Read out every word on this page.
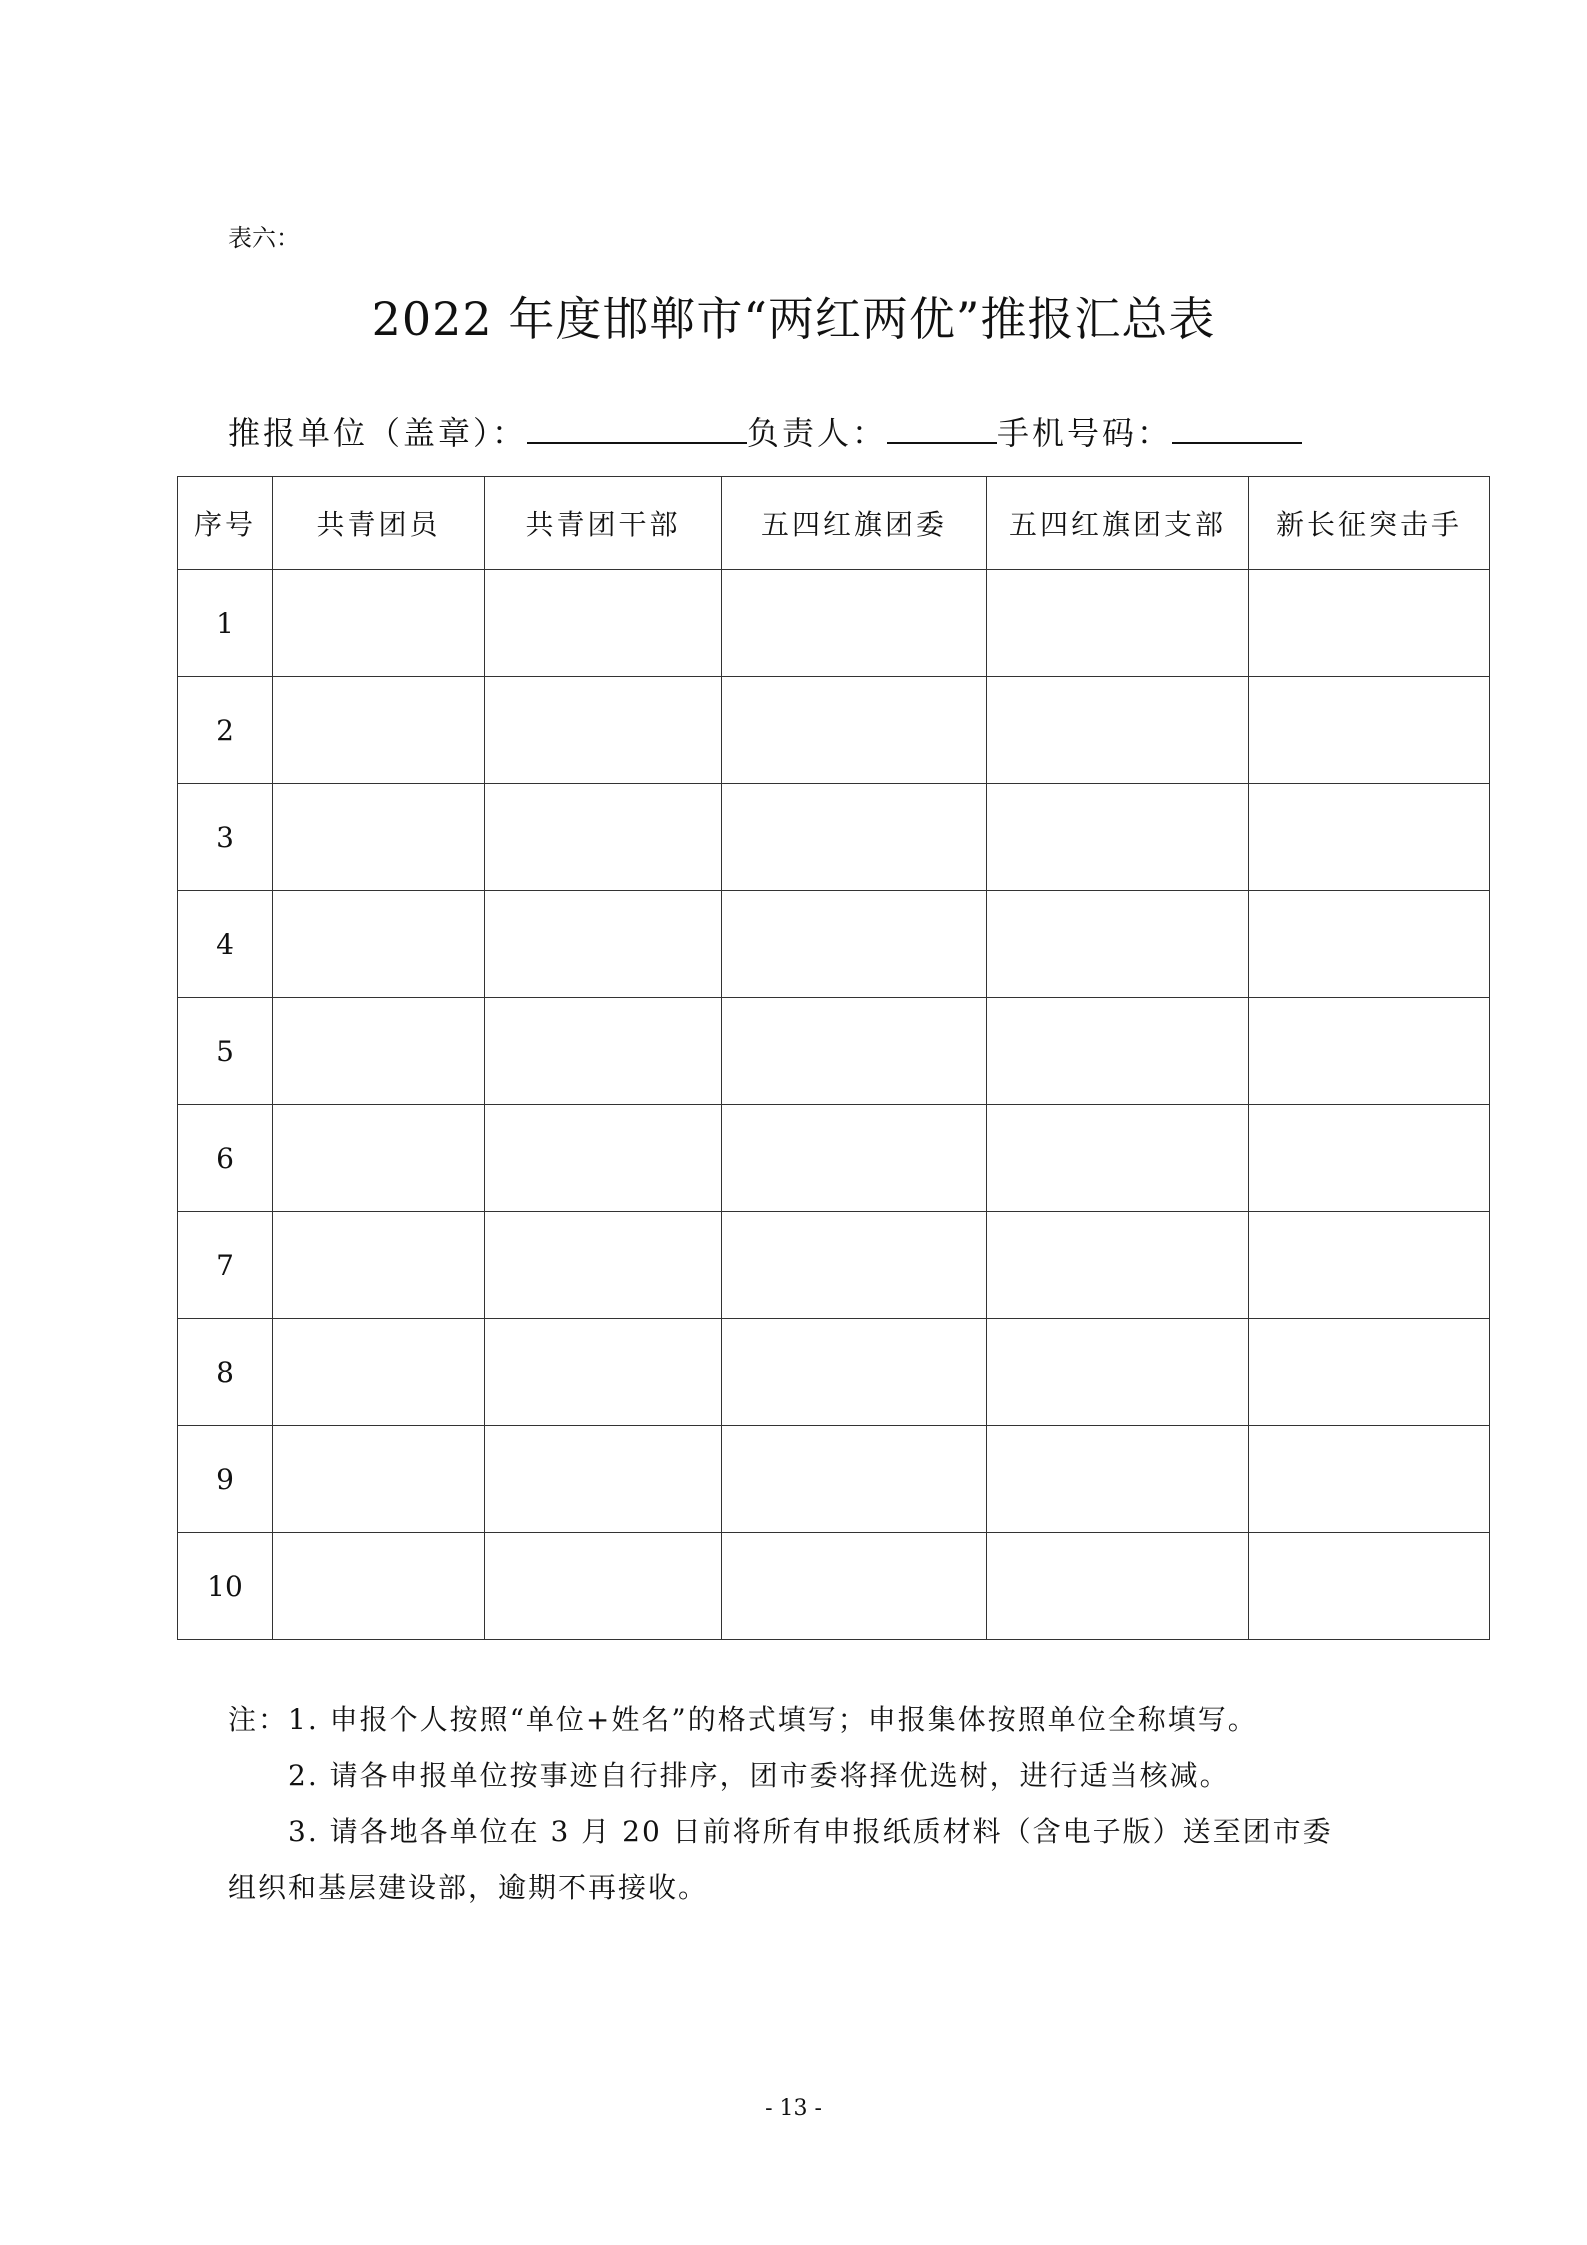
表六：
2022 年度邯郸市“两红两优”推报汇总表
推报单位（盖章）：	负责人：	手机号码：
序号	共青团员	共青团干部	五四红旗团委	五四红旗团支部	新长征突击手
1					
2					
3					
4					
5					
6					
7					
8					
9					
10					

注：1. 申报个人按照“单位+姓名”的格式填写；申报集体按照单位全称填写。

2. 请各申报单位按事迹自行排序，团市委将择优选树，进行适当核减。

3. 请各地各单位在 3 月 20 日前将所有申报纸质材料（含电子版）送至团市委

组织和基层建设部，逾期不再接收。

- 13 -
